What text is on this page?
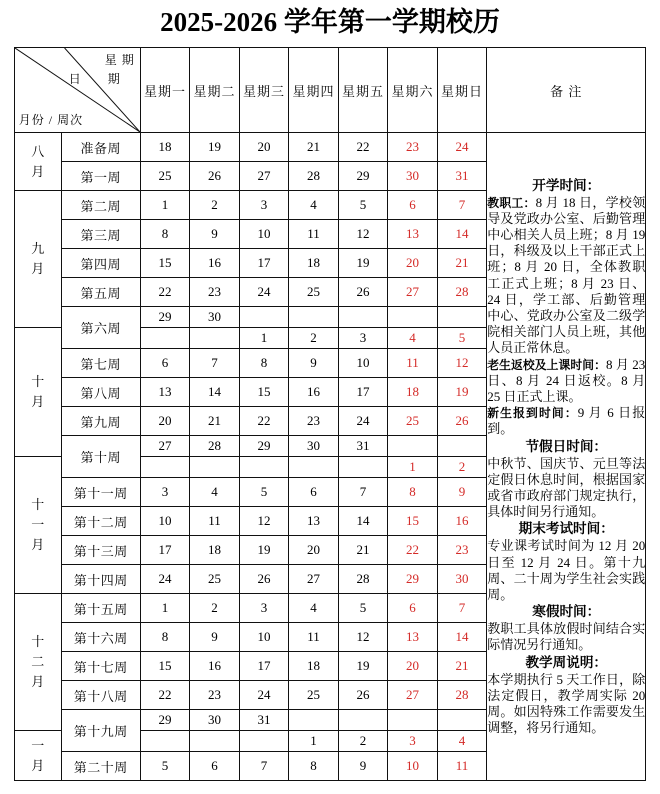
2025-2026 学年第一学期校历
星 期
日 期
月份 / 周次		星期一	星期二	星期三	星期四	星期五	星期六	星期日	备 注

八
月
	准备周	18	19	20	21	22	23	24	
开学时间：

教职工：8 月 18 日，学校领导及党政办公室、后勤管理中心相关人员上班；8 月 19 日，科级及以上干部正式上班；8 月 20 日，全体教职工正式上班；8 月 23 日、24 日，学工部、后勤管理中心、党政办公室及二级学院相关部门人员上班，其他人员正常休息。

老生返校及上课时间：8 月 23 日、8 月 24 日返校。8 月 25 日正式上课。

新生报到时间：9 月 6 日报到。

节假日时间：

中秋节、国庆节、元旦等法定假日休息时间，根据国家或省市政府部门规定执行，具体时间另行通知。

期末考试时间：

专业课考试时间为 12 月 20 日至 12 月 24 日。第十九周、二十周为学生社会实践周。

寒假时间：

教职工具体放假时间结合实际情况另行通知。

教学周说明：

本学期执行 5 天工作日，除法定假日，教学周实际 20 周。如因特殊工作需要发生调整，将另行通知。

	第一周	25	26	27	28	29	30	31	

九
月	第二周	1	2	3	4	5	6	7	
	第三周	8	9	10	11	12	13	14	
	第四周	15	16	17	18	19	20	21	
	第五周	22	23	24	25	26	27	28	
	第六周	29	30						

十
月				1	2	3	4	5	
	第七周	6	7	8	9	10	11	12	
	第八周	13	14	15	16	17	18	19	
	第九周	20	21	22	23	24	25	26	
	第十周	27	28	29	30	31			

十
一
月							1	2	
	第十一周	3	4	5	6	7	8	9	
	第十二周	10	11	12	13	14	15	16	
	第十三周	17	18	19	20	21	22	23	
	第十四周	24	25	26	27	28	29	30	

十
二
月	第十五周	1	2	3	4	5	6	7	
	第十六周	8	9	10	11	12	13	14	
	第十七周	15	16	17	18	19	20	21	
	第十八周	22	23	24	25	26	27	28	
	第十九周	29	30	31					

一
月					1	2	3	4	
	第二十周	5	6	7	8	9	10	11	
